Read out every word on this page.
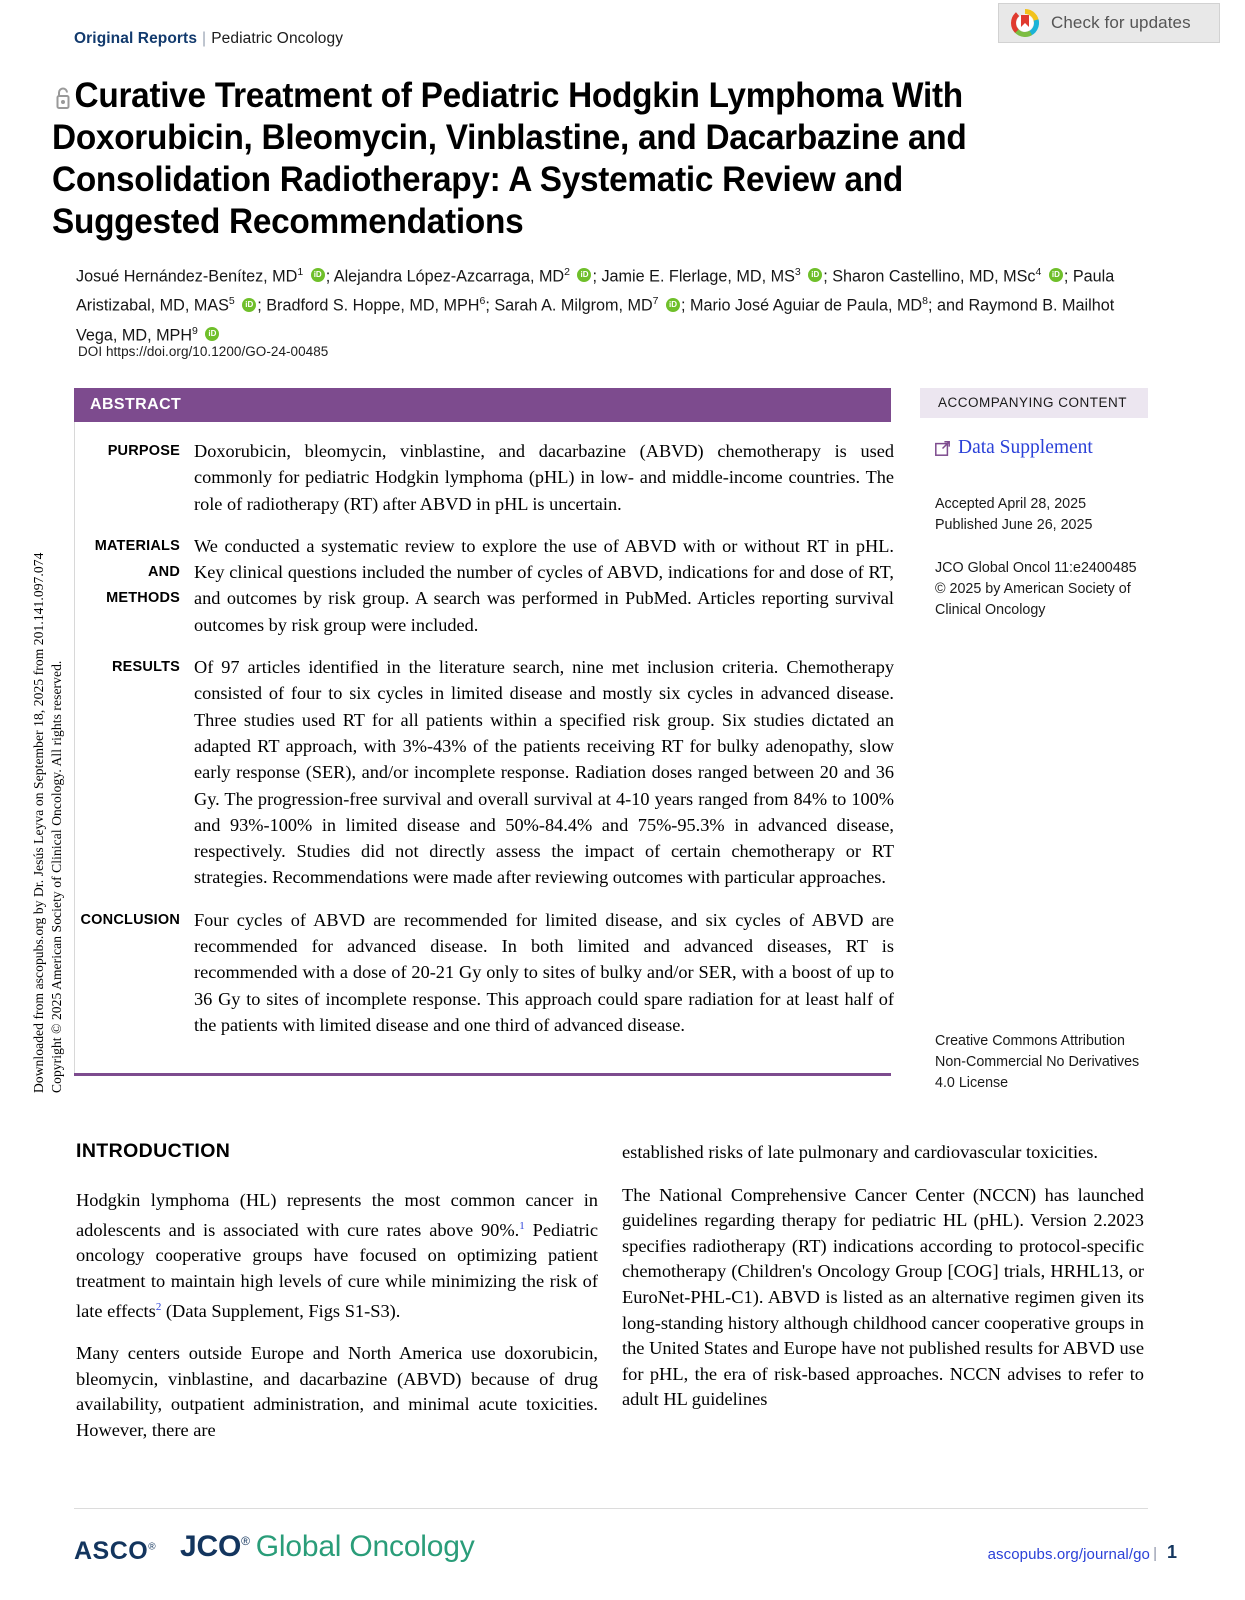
Check for updates
Downloaded from ascopubs.org by Dr. Jesús Leyva on September 18, 2025 from 201.141.097.074 Copyright © 2025 American Society of Clinical Oncology. All rights reserved.
Original Reports | Pediatric Oncology
Curative Treatment of Pediatric Hodgkin Lymphoma With Doxorubicin, Bleomycin, Vinblastine, and Dacarbazine and Consolidation Radiotherapy: A Systematic Review and Suggested Recommendations
Josué Hernández-Benítez, $MD^1$ iD ; Alejandra López-Azcarraga, $MD^2$ iD ; Jamie E. Flerlage, MD, $MS^3$ iD ; Sharon Castellino, MD, MSc$^4$ iD ; Paula Aristizabal, MD, MAS$^5$ iD ; Bradford S. Hoppe, MD, MPH$^6$; Sarah A. Milgrom, $MD^7$ iD ; Mario José Aguiar de Paula, $MD^8$; and Raymond B. Mailhot Vega, MD, MPH$^9$ iD
DOI https://doi.org/10.1200/GO-24-00485
ABSTRACT
PURPOSE Doxorubicin, bleomycin, vinblastine, and dacarbazine (ABVD) chemotherapy is used commonly for pediatric Hodgkin lymphoma (pHL) in low- and middle-income countries. The role of radiotherapy (RT) after ABVD in pHL is uncertain.
MATERIALS
AND METHODS
We conducted a systematic review to explore the use of ABVD with or without RT in pHL. Key clinical questions included the number of cycles of ABVD, indications for and dose of RT, and outcomes by risk group. A search was performed in PubMed. Articles reporting survival outcomes by risk group were included.
RESULTS Of 97 articles identified in the literature search, nine met inclusion criteria. Chemotherapy consisted of four to six cycles in limited disease and mostly six cycles in advanced disease. Three studies used RT for all patients within a specified risk group. Six studies dictated an adapted RT approach, with 3%-43% of the patients receiving RT for bulky adenopathy, slow early response (SER), and/or incomplete response. Radiation doses ranged between 20 and 36 Gy. The progression-free survival and overall survival at 4-10 years ranged from 84% to 100% and 93%-100% in limited disease and 50%-84.4% and 75%-95.3% in advanced disease, respectively. Studies did not directly assess the impact of certain chemotherapy or RT strategies. Recommendations were made after reviewing outcomes with particular approaches.
CONCLUSION Four cycles of ABVD are recommended for limited disease, and six cycles of ABVD are recommended for advanced disease. In both limited and advanced diseases, RT is recommended with a dose of 20-21 Gy only to sites of bulky and/or SER, with a boost of up to 36 Gy to sites of incomplete response. This approach could spare radiation for at least half of the patients with limited disease and one third of advanced disease.
ACCOMPANYING CONTENT
Data Supplement
Accepted April 28, 2025
Published June 26, 2025
JCO Global Oncol 11:e2400485
© 2025 by American Society of
Clinical Oncology
Creative Commons Attribution
Non-Commercial No Derivatives
4.0 License
INTRODUCTION

Hodgkin lymphoma (HL) represents the most common cancer in adolescents and is associated with cure rates above 90%.$^1$ Pediatric oncology cooperative groups have focused on optimizing patient treatment to maintain high levels of cure while minimizing the risk of late effects$^2$ (Data Supplement, Figs S1-S3).

Many centers outside Europe and North America use doxorubicin, bleomycin, vinblastine, and dacarbazine (ABVD) because of drug availability, outpatient administration, and minimal acute toxicities. However, there are

established risks of late pulmonary and cardiovascular toxicities.

The National Comprehensive Cancer Center (NCCN) has launched guidelines regarding therapy for pediatric HL (pHL). Version 2.2023 specifies radiotherapy (RT) indications according to protocol-specific chemotherapy (Children's Oncology Group [COG] trials, HRHL13, or EuroNet-PHL-C1). ABVD is listed as an alternative regimen given its long-standing history although childhood cancer cooperative groups in the United States and Europe have not published results for ABVD use for pHL, the era of risk-based approaches. NCCN advises to refer to adult HL guidelines

ASCO® JCO® Global Oncology	ascopubs.org/journal/go | 1
